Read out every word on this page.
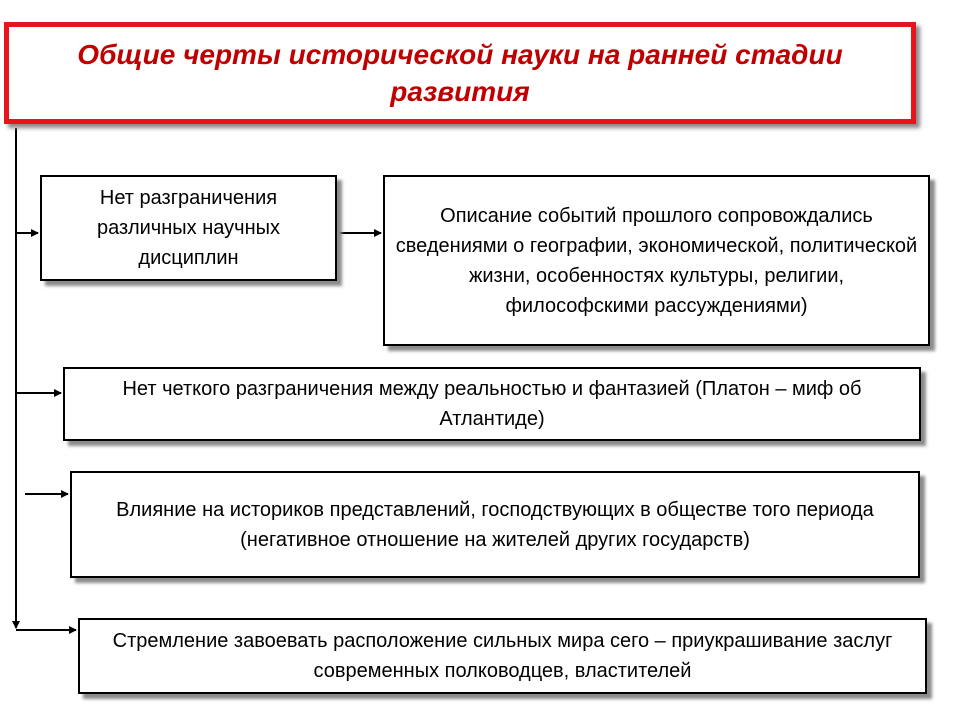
Общие черты исторической науки на ранней стадии развития
Нет разграничения различных научных дисциплин
Описание событий прошлого сопровождались сведениями о географии, экономической, политической жизни, особенностях культуры, религии, философскими рассуждениями)
Нет четкого разграничения между реальностью и фантазией (Платон – миф об Атлантиде)
Влияние на историков представлений, господствующих в обществе того периода (негативное отношение на жителей других государств)
Стремление завоевать расположение сильных мира сего – приукрашивание заслуг современных полководцев, властителей
